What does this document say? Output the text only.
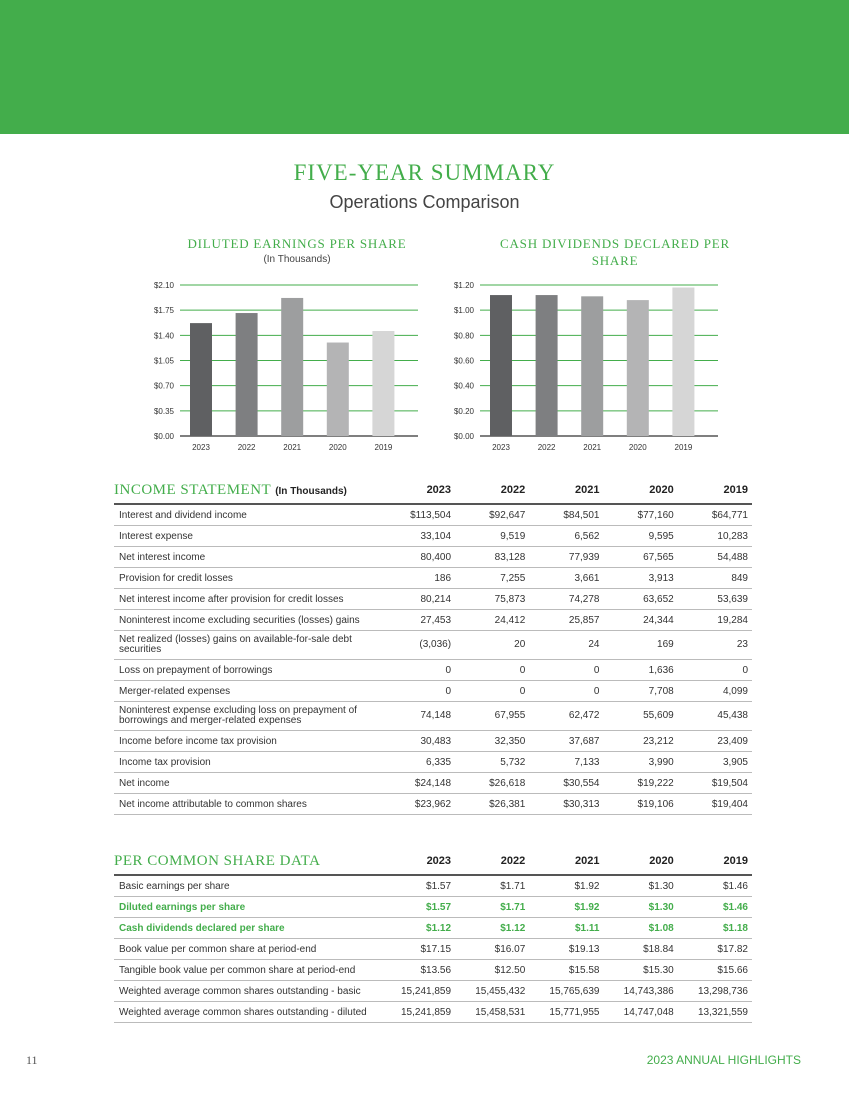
FIVE-YEAR SUMMARY
Operations Comparison
DILUTED EARNINGS PER SHARE
(In Thousands)
$0.00
$0.35
$0.70
$1.05
$1.40
$1.75
$2.10
2023	2022	2021	2020	2019
CASH DIVIDENDS DECLARED PER SHARE
$0.00
$0.20
$0.40
$0.60
$0.80
$1.00
$1.20
2023	2022	2021	2020	2019
INCOME STATEMENT (In Thousands)	2023	2022	2021	2020	2019
Interest and dividend income	$113,504	$92,647	$84,501	$77,160	$64,771
Interest expense	33,104	9,519	6,562	9,595	10,283
Net interest income	80,400	83,128	77,939	67,565	54,488
Provision for credit losses	186	7,255	3,661	3,913	849
Net interest income after provision for credit losses	80,214	75,873	74,278	63,652	53,639
Noninterest income excluding securities (losses) gains	27,453	24,412	25,857	24,344	19,284
Net realized (losses) gains on available-for-sale debt securities	(3,036)	20	24	169	23
Loss on prepayment of borrowings	0	0	0	1,636	0
Merger-related expenses	0	0	0	7,708	4,099
Noninterest expense excluding loss on prepayment of borrowings and merger-related expenses	74,148	67,955	62,472	55,609	45,438
Income before income tax provision	30,483	32,350	37,687	23,212	23,409
Income tax provision	6,335	5,732	7,133	3,990	3,905
Net income	$24,148	$26,618	$30,554	$19,222	$19,504
Net income attributable to common shares	$23,962	$26,381	$30,313	$19,106	$19,404
PER COMMON SHARE DATA	2023	2022	2021	2020	2019
Basic earnings per share	$1.57	$1.71	$1.92	$1.30	$1.46
Diluted earnings per share	$1.57	$1.71	$1.92	$1.30	$1.46
Cash dividends declared per share	$1.12	$1.12	$1.11	$1.08	$1.18
Book value per common share at period-end	$17.15	$16.07	$19.13	$18.84	$17.82
Tangible book value per common share at period-end	$13.56	$12.50	$15.58	$15.30	$15.66
Weighted average common shares outstanding - basic	15,241,859	15,455,432	15,765,639	14,743,386	13,298,736
Weighted average common shares outstanding - diluted	15,241,859	15,458,531	15,771,955	14,747,048	13,321,559
11	2023 ANNUAL HIGHLIGHTS
